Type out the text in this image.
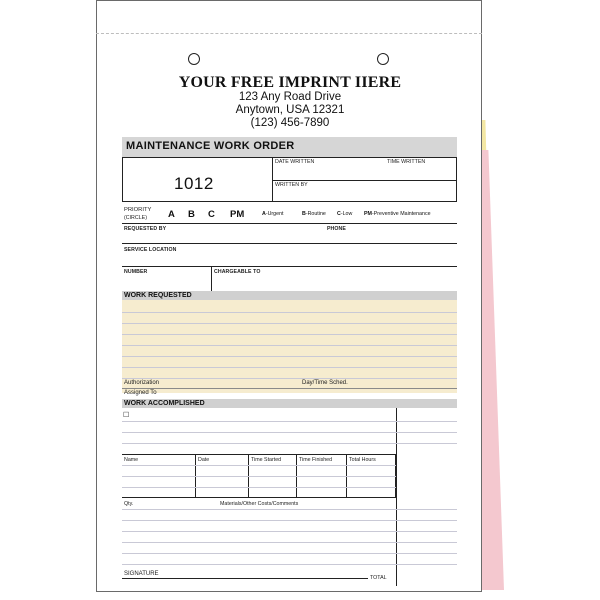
YOUR FREE IMPRINT IIERE
123 Any Road Drive
Anytown, USA 12321
(123) 456-7890
MAINTENANCE WORK ORDER
1012
DATE WRITTEN	TIME WRITTEN
WRITTEN BY
PRIORITY
(CIRCLE) A B C PM	A-Urgent	B-Routine C-Low PM-Preventive Maintenance
REQUESTED BY	PHONE
SERVICE LOCATION
NUMBER	CHARGEABLE TO
WORK REQUESTED
Authorization	Day/Time Sched.
Assigned To
WORK ACCOMPLISHED
☐
Name	Date	Time Started	Time Finished	Total Hours
Qty.	Materials/Other Costs/Comments
SIGNATURE
TOTAL
